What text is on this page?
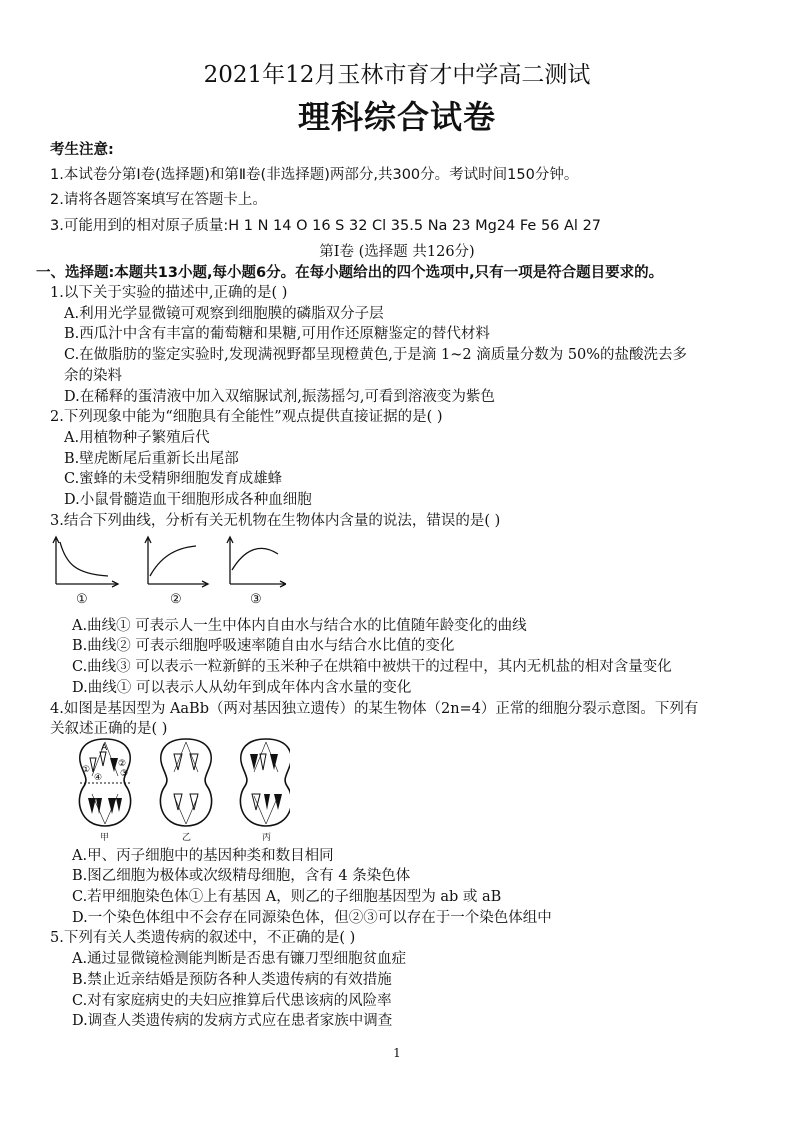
2021年12月玉林市育才中学高二测试
理科综合试卷
考生注意:
1.本试卷分第Ⅰ卷(选择题)和第Ⅱ卷(非选择题)两部分,共300分。考试时间150分钟。
2.请将各题答案填写在答题卡上。
3.可能用到的相对原子质量:H 1 N 14 O 16 S 32 Cl 35.5 Na 23 Mg24 Fe 56 Al 27
第Ⅰ卷 (选择题 共126分)
一、选择题:本题共13小题,每小题6分。在每小题给出的四个选项中,只有一项是符合题目要求的。
1.以下关于实验的描述中,正确的是( )
A.利用光学显微镜可观察到细胞膜的磷脂双分子层
B.西瓜汁中含有丰富的葡萄糖和果糖,可用作还原糖鉴定的替代材料
C.在做脂肪的鉴定实验时,发现满视野都呈现橙黄色,于是滴 1~2 滴质量分数为 50%的盐酸洗去多
余的染料
D.在稀释的蛋清液中加入双缩脲试剂,振荡摇匀,可看到溶液变为紫色
2.下列现象中能为“细胞具有全能性”观点提供直接证据的是( )
A.用植物种子繁殖后代
B.壁虎断尾后重新长出尾部
C.蜜蜂的未受精卵细胞发育成雄蜂
D.小鼠骨髓造血干细胞形成各种血细胞
3.结合下列曲线，分析有关无机物在生物体内含量的说法，错误的是( )
①	②	③
A.曲线① 可表示人一生中体内自由水与结合水的比值随年龄变化的曲线
B.曲线② 可表示细胞呼吸速率随自由水与结合水比值的变化
C.曲线③ 可以表示一粒新鲜的玉米种子在烘箱中被烘干的过程中，其内无机盐的相对含量变化
D.曲线① 可以表示人从幼年到成年体内含水量的变化
4.如图是基因型为 AaBb（两对基因独立遗传）的某生物体（2n=4）正常的细胞分裂示意图。下列有
关叙述正确的是( )
A
①
②
③
④
甲	乙	丙
A.甲、丙子细胞中的基因种类和数目相同
B.图乙细胞为极体或次级精母细胞，含有 4 条染色体
C.若甲细胞染色体①上有基因 A，则乙的子细胞基因型为 ab 或 aB
D.一个染色体组中不会存在同源染色体，但②③可以存在于一个染色体组中
5.下列有关人类遗传病的叙述中，不正确的是( )
A.通过显微镜检测能判断是否患有镰刀型细胞贫血症
B.禁止近亲结婚是预防各种人类遗传病的有效措施
C.对有家庭病史的夫妇应推算后代患该病的风险率
D.调查人类遗传病的发病方式应在患者家族中调查
1
